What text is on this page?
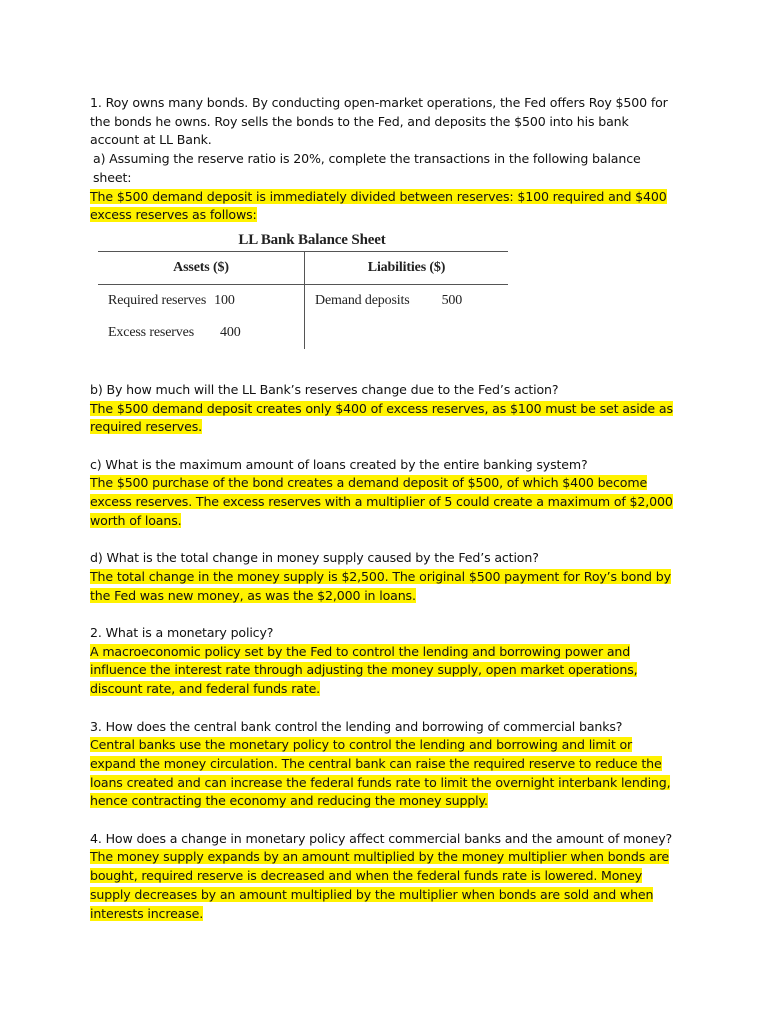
1. Roy owns many bonds. By conducting open-market operations, the Fed offers Roy $500 for the bonds he owns. Roy sells the bonds to the Fed, and deposits the $500 into his bank account at LL Bank.

a) Assuming the reserve ratio is 20%, complete the transactions in the following balance sheet:

The $500 demand deposit is immediately divided between reserves: $100 required and $400 excess reserves as follows:

LL Bank Balance Sheet
Assets ($)	Liabilities ($)
Required reserves 100	Demand deposits 500
Excess reserves 400	

b) By how much will the LL Bank’s reserves change due to the Fed’s action?

The $500 demand deposit creates only $400 of excess reserves, as $100 must be set aside as required reserves.

c) What is the maximum amount of loans created by the entire banking system?

The $500 purchase of the bond creates a demand deposit of $500, of which $400 become excess reserves. The excess reserves with a multiplier of 5 could create a maximum of $2,000 worth of loans.

d) What is the total change in money supply caused by the Fed’s action?

The total change in the money supply is $2,500. The original $500 payment for Roy’s bond by the Fed was new money, as was the $2,000 in loans.

2. What is a monetary policy?

A macroeconomic policy set by the Fed to control the lending and borrowing power and influence the interest rate through adjusting the money supply, open market operations, discount rate, and federal funds rate.

3. How does the central bank control the lending and borrowing of commercial banks?

Central banks use the monetary policy to control the lending and borrowing and limit or expand the money circulation. The central bank can raise the required reserve to reduce the loans created and can increase the federal funds rate to limit the overnight interbank lending, hence contracting the economy and reducing the money supply.

4. How does a change in monetary policy affect commercial banks and the amount of money?

The money supply expands by an amount multiplied by the money multiplier when bonds are bought, required reserve is decreased and when the federal funds rate is lowered. Money supply decreases by an amount multiplied by the multiplier when bonds are sold and when interests increase.
